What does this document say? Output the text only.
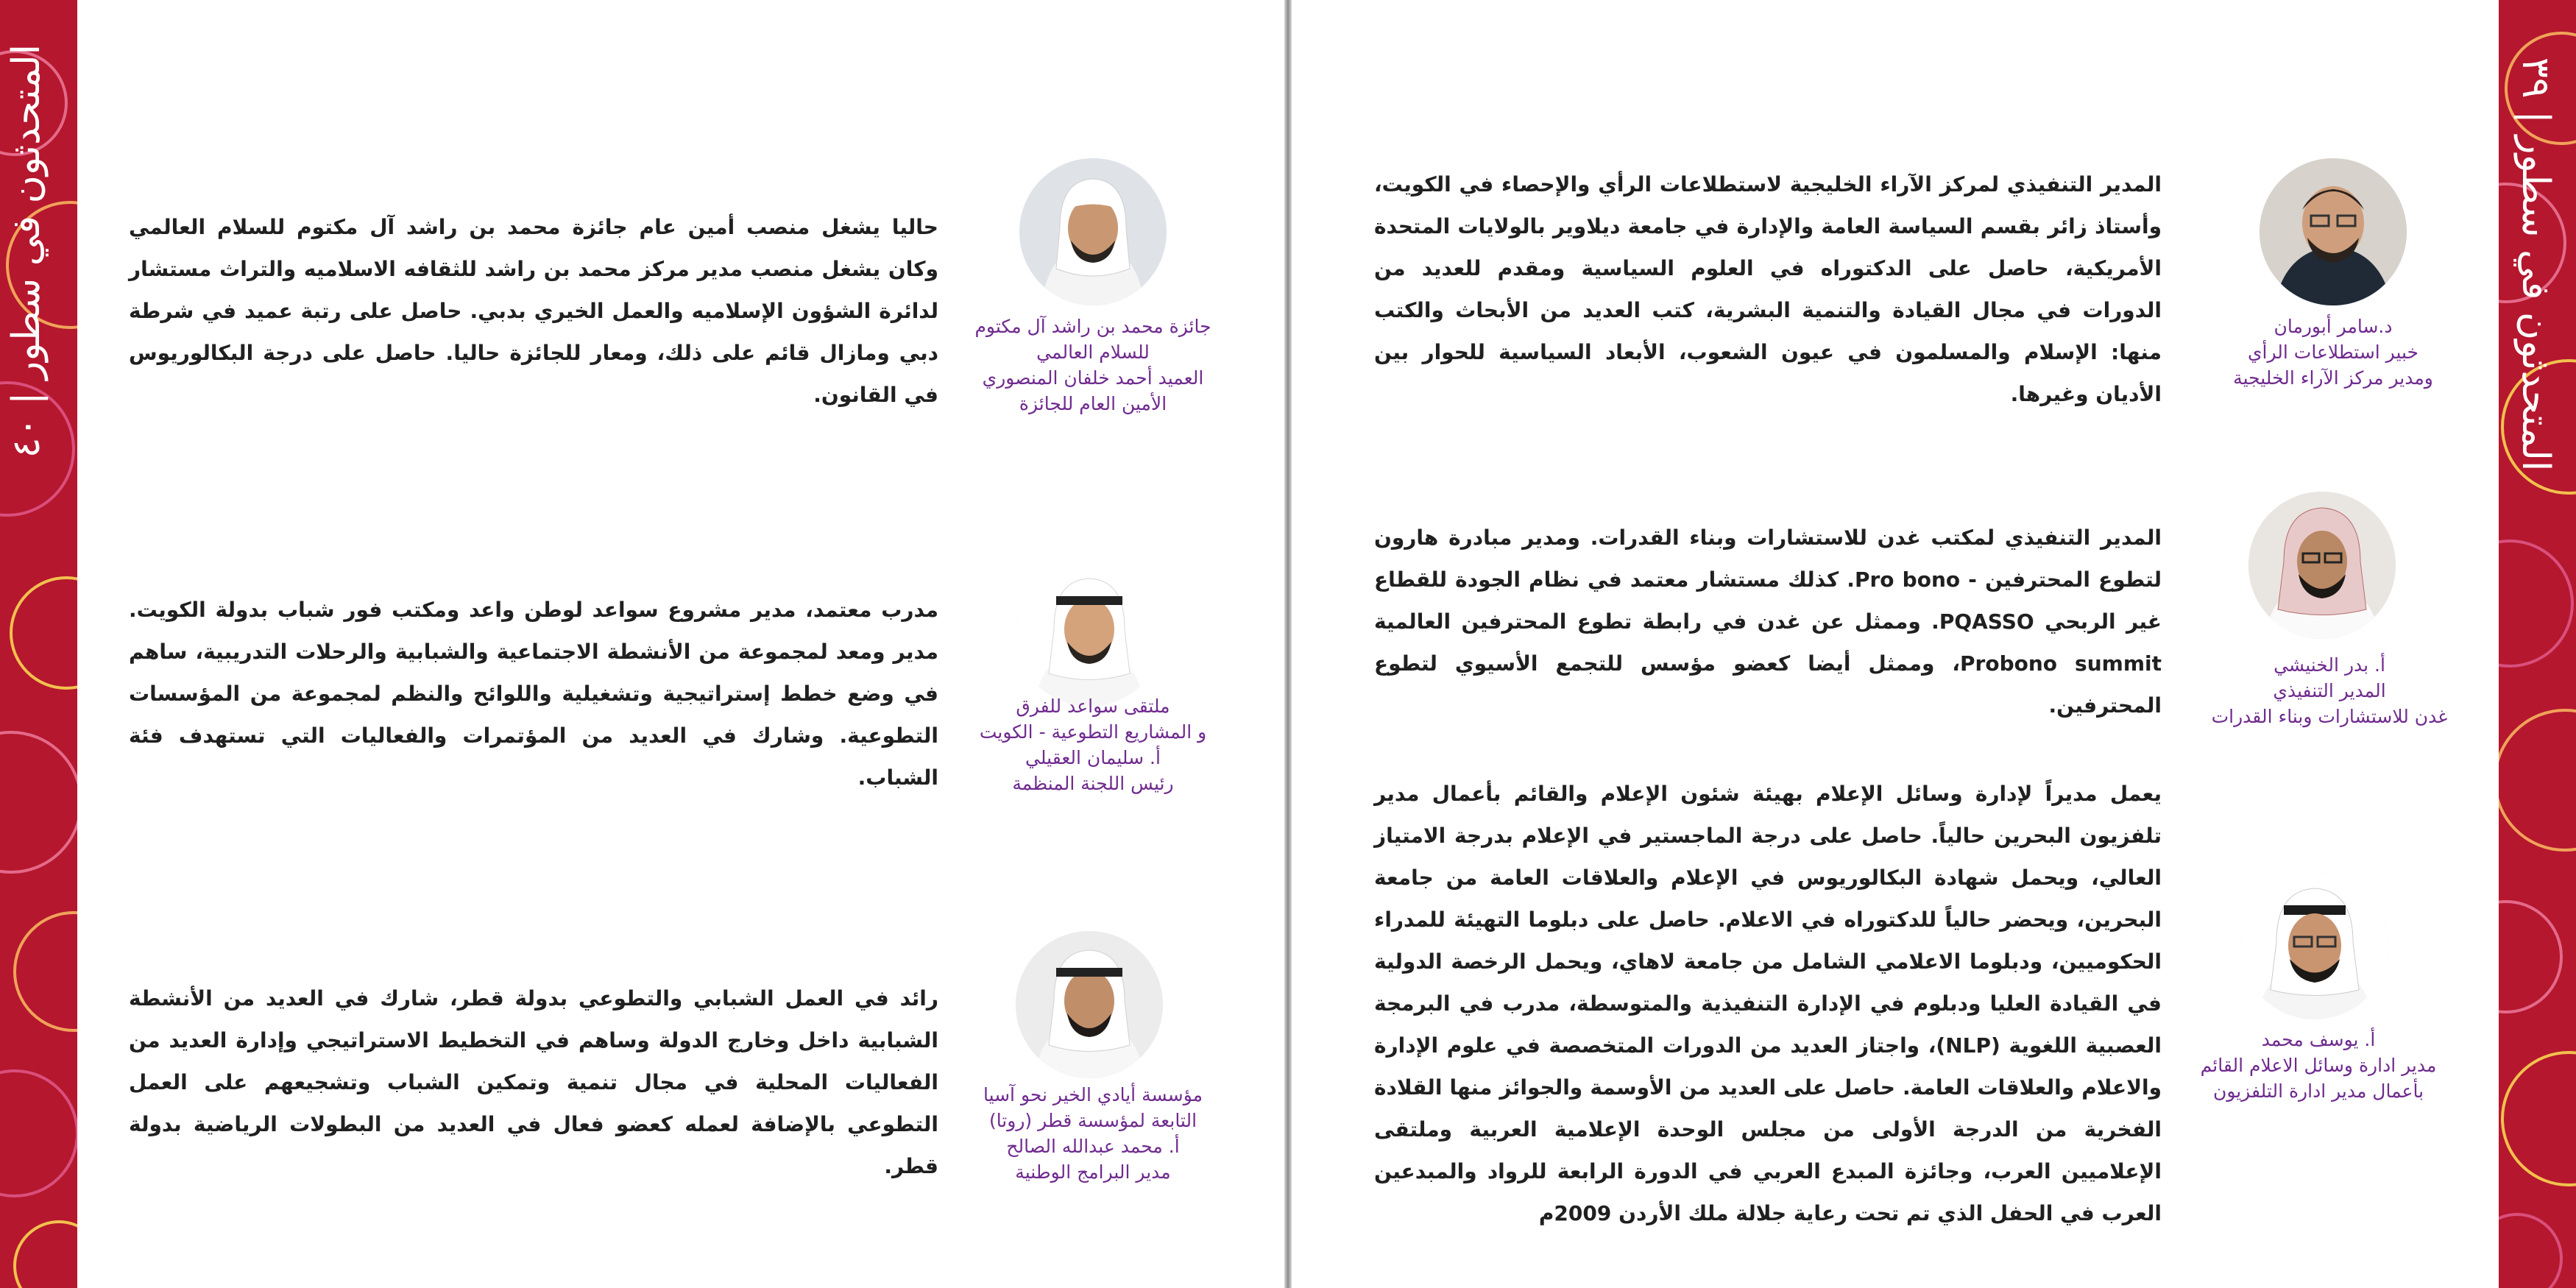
المتحدثون في سطور | ٤٠
جائزة محمد بن راشد آل مكتوم
للسلام العالمي
العميد أحمد خلفان المنصوري
الأمين العام للجائزة
حاليا يشغل منصب أمين عام جائزة محمد بن راشد آل مكتوم للسلام العالمي وكان يشغل منصب مدير مركز محمد بن راشد للثقافه الاسلاميه والتراث مستشار لدائرة الشؤون الإسلاميه والعمل الخيري بدبي. حاصل على رتبة عميد في شرطة دبي ومازال قائم على ذلك، ومعار للجائزة حاليا. حاصل على درجة البكالوريوس في القانون.
ملتقى سواعد للفرق
و المشاريع التطوعية - الكويت
أ. سليمان العقيلي
رئيس اللجنة المنظمة
مدرب معتمد، مدير مشروع سواعد لوطن واعد ومكتب فور شباب بدولة الكويت. مدير ومعد لمجموعة من الأنشطة الاجتماعية والشبابية والرحلات التدريبية، ساهم في وضع خطط إستراتيجية وتشغيلية واللوائح والنظم لمجموعة من المؤسسات التطوعية. وشارك في العديد من المؤتمرات والفعاليات التي تستهدف فئة الشباب.
مؤسسة أيادي الخير نحو آسيا
التابعة لمؤسسة قطر (روتا)
أ. محمد عبدالله الصالح
مدير البرامج الوطنية
رائد في العمل الشبابي والتطوعي بدولة قطر، شارك في العديد من الأنشطة الشبابية داخل وخارج الدولة وساهم في التخطيط الاستراتيجي وإدارة العديد من الفعاليات المحلية في مجال تنمية وتمكين الشباب وتشجيعهم على العمل التطوعي بالإضافة لعمله كعضو فعال في العديد من البطولات الرياضية بدولة قطر.
د.سامر أبورمان
خبير استطلاعات الرأي
ومدير مركز الآراء الخليجية
المدير التنفيذي لمركز الآراء الخليجية لاستطلاعات الرأي والإحصاء في الكويت، وأستاذ زائر بقسم السياسة العامة والإدارة في جامعة ديلاوير بالولايات المتحدة الأمريكية، حاصل على الدكتوراه في العلوم السياسية ومقدم للعديد من الدورات في مجال القيادة والتنمية البشرية، كتب العديد من الأبحاث والكتب منها: الإسلام والمسلمون في عيون الشعوب، الأبعاد السياسية للحوار بين الأديان وغيرها.
أ. بدر الخنيشي
المدير التنفيذي
غدن للاستشارات وبناء القدرات
المدير التنفيذي لمكتب غدن للاستشارات وبناء القدرات. ومدير مبادرة هارون لتطوع المحترفين - Pro bono. كذلك مستشار معتمد في نظام الجودة للقطاع غير الربحي PQASSO. وممثل عن غدن في رابطة تطوع المحترفين العالمية Probono summit، وممثل أيضا كعضو مؤسس للتجمع الأسيوي لتطوع المحترفين.
أ. يوسف محمد
مدير ادارة وسائل الاعلام القائم
بأعمال مدير ادارة التلفزيون
يعمل مديراً لإدارة وسائل الإعلام بهيئة شئون الإعلام والقائم بأعمال مدير تلفزيون البحرين حالياً. حاصل على درجة الماجستير في الإعلام بدرجة الامتياز العالي، ويحمل شهادة البكالوريوس في الإعلام والعلاقات العامة من جامعة البحرين، ويحضر حالياً للدكتوراه في الاعلام. حاصل على دبلوما التهيئة للمدراء الحكوميين، ودبلوما الاعلامي الشامل من جامعة لاهاي، ويحمل الرخصة الدولية في القيادة العليا ودبلوم في الإدارة التنفيذية والمتوسطة، مدرب في البرمجة العصبية اللغوية (NLP)، واجتاز العديد من الدورات المتخصصة في علوم الإدارة والاعلام والعلاقات العامة. حاصل على العديد من الأوسمة والجوائز منها القلادة الفخرية من الدرجة الأولى من مجلس الوحدة الإعلامية العربية وملتقى الإعلاميين العرب، وجائزة المبدع العربي في الدورة الرابعة للرواد والمبدعين العرب في الحفل الذي تم تحت رعاية جلالة ملك الأردن 2009م
المتحدثون في سطور | ٣٩
